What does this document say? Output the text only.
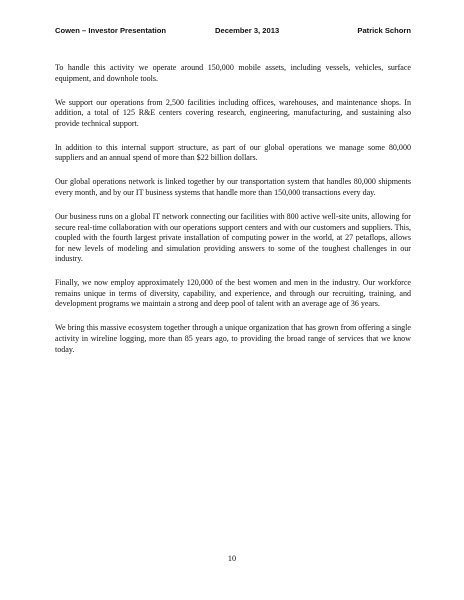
Cowen – Investor Presentation	December 3, 2013	Patrick Schorn

To handle this activity we operate around 150,000 mobile assets, including vessels, vehicles, surface equipment, and downhole tools.

We support our operations from 2,500 facilities including offices, warehouses, and maintenance shops. In addition, a total of 125 R&E centers covering research, engineering, manufacturing, and sustaining also provide technical support.

In addition to this internal support structure, as part of our global operations we manage some 80,000 suppliers and an annual spend of more than $22 billion dollars.

Our global operations network is linked together by our transportation system that handles 80,000 shipments every month, and by our IT business systems that handle more than 150,000 transactions every day.

Our business runs on a global IT network connecting our facilities with 800 active well-site units, allowing for secure real-time collaboration with our operations support centers and with our customers and suppliers. This, coupled with the fourth largest private installation of computing power in the world, at 27 petaflops, allows for new levels of modeling and simulation providing answers to some of the toughest challenges in our industry.

Finally, we now employ approximately 120,000 of the best women and men in the industry. Our workforce remains unique in terms of diversity, capability, and experience, and through our recruiting, training, and development programs we maintain a strong and deep pool of talent with an average age of 36 years.

We bring this massive ecosystem together through a unique organization that has grown from offering a single activity in wireline logging, more than 85 years ago, to providing the broad range of services that we know today.

10
